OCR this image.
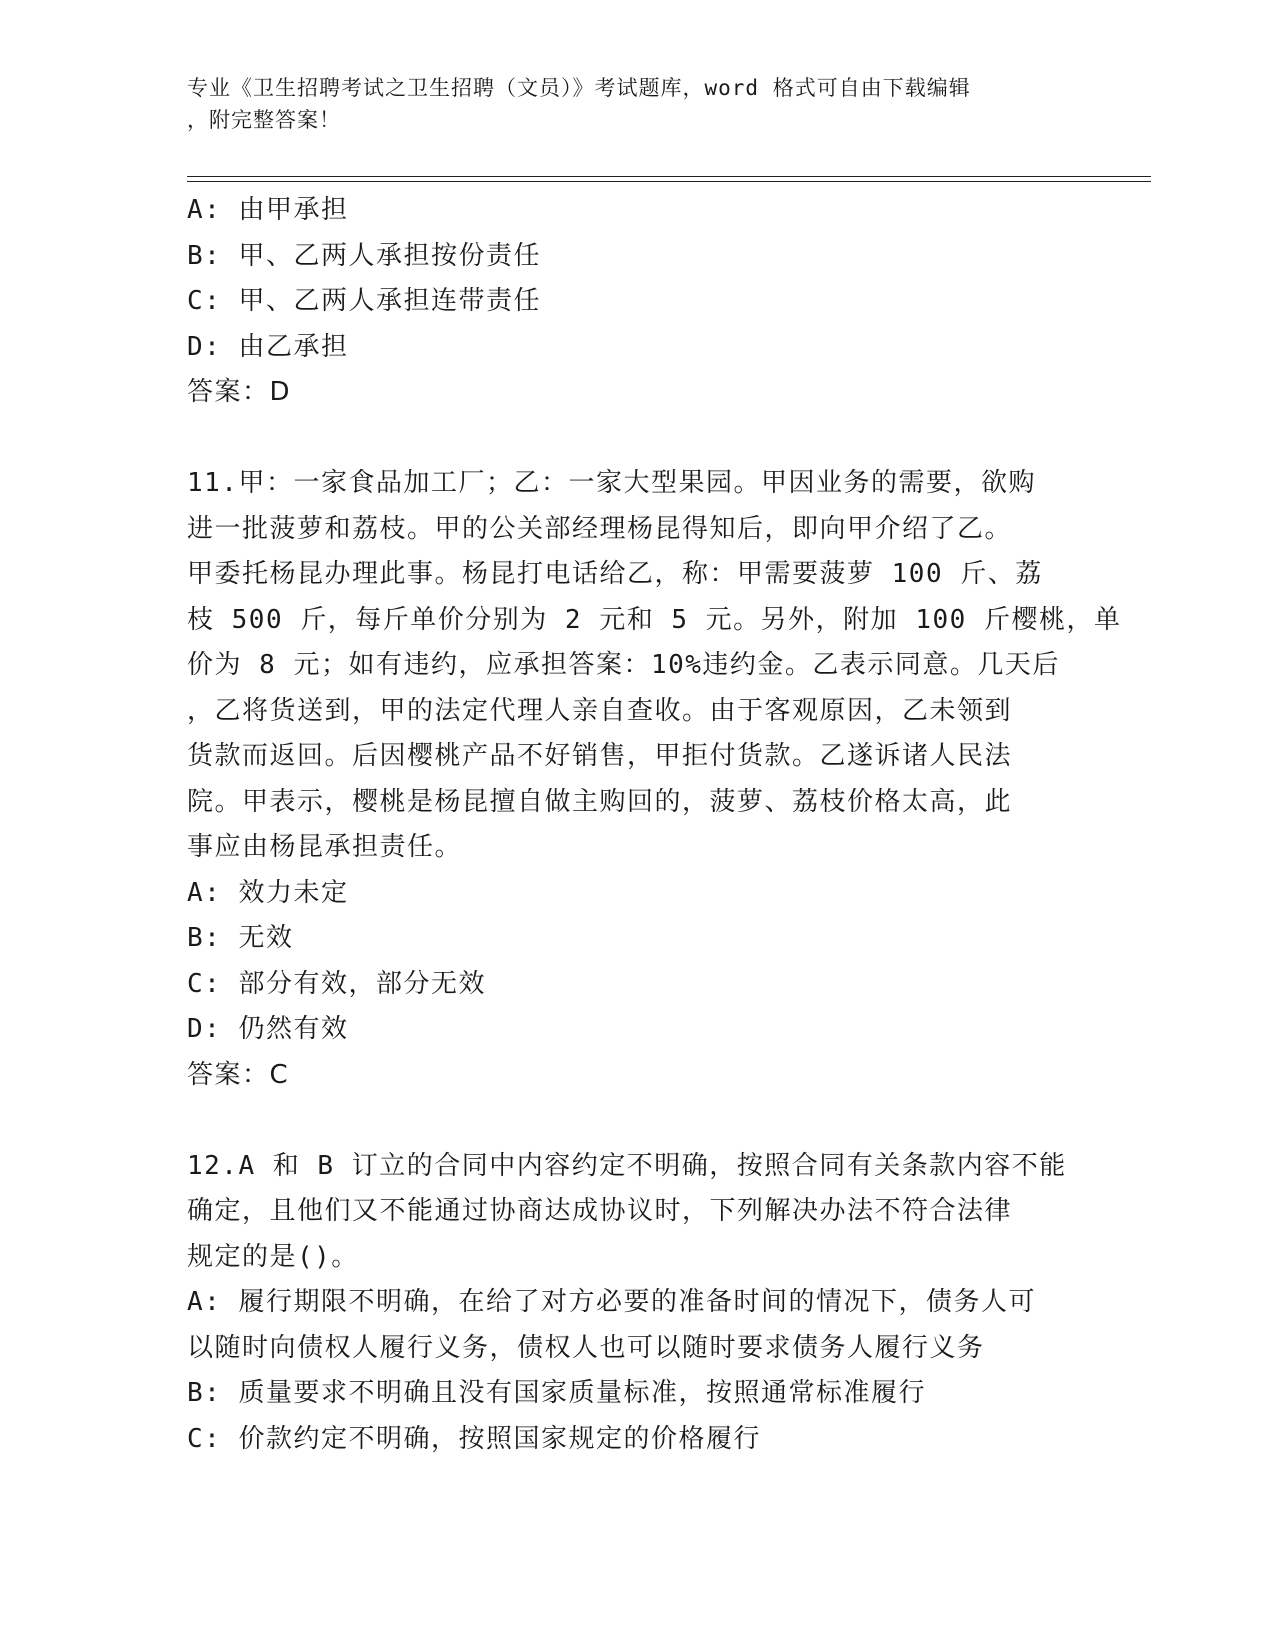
专业《卫生招聘考试之卫生招聘（文员）》考试题库，word 格式可自由下载编辑
，附完整答案！
A: 由甲承担
B: 甲、乙两人承担按份责任
C: 甲、乙两人承担连带责任
D: 由乙承担
答案：D
11.甲：一家食品加工厂；乙：一家大型果园。甲因业务的需要，欲购
进一批菠萝和荔枝。甲的公关部经理杨昆得知后，即向甲介绍了乙。
甲委托杨昆办理此事。杨昆打电话给乙，称：甲需要菠萝 100 斤、荔
枝 500 斤，每斤单价分别为 2 元和 5 元。另外，附加 100 斤樱桃，单
价为 8 元；如有违约，应承担答案：10%违约金。乙表示同意。几天后
，乙将货送到，甲的法定代理人亲自查收。由于客观原因，乙未领到
货款而返回。后因樱桃产品不好销售，甲拒付货款。乙遂诉诸人民法
院。甲表示，樱桃是杨昆擅自做主购回的，菠萝、荔枝价格太高，此
事应由杨昆承担责任。
A: 效力未定
B: 无效
C: 部分有效，部分无效
D: 仍然有效
答案：C
12.A 和 B 订立的合同中内容约定不明确，按照合同有关条款内容不能
确定，且他们又不能通过协商达成协议时，下列解决办法不符合法律
规定的是()。
A: 履行期限不明确，在给了对方必要的准备时间的情况下，债务人可
以随时向债权人履行义务，债权人也可以随时要求债务人履行义务
B: 质量要求不明确且没有国家质量标准，按照通常标准履行
C: 价款约定不明确，按照国家规定的价格履行
